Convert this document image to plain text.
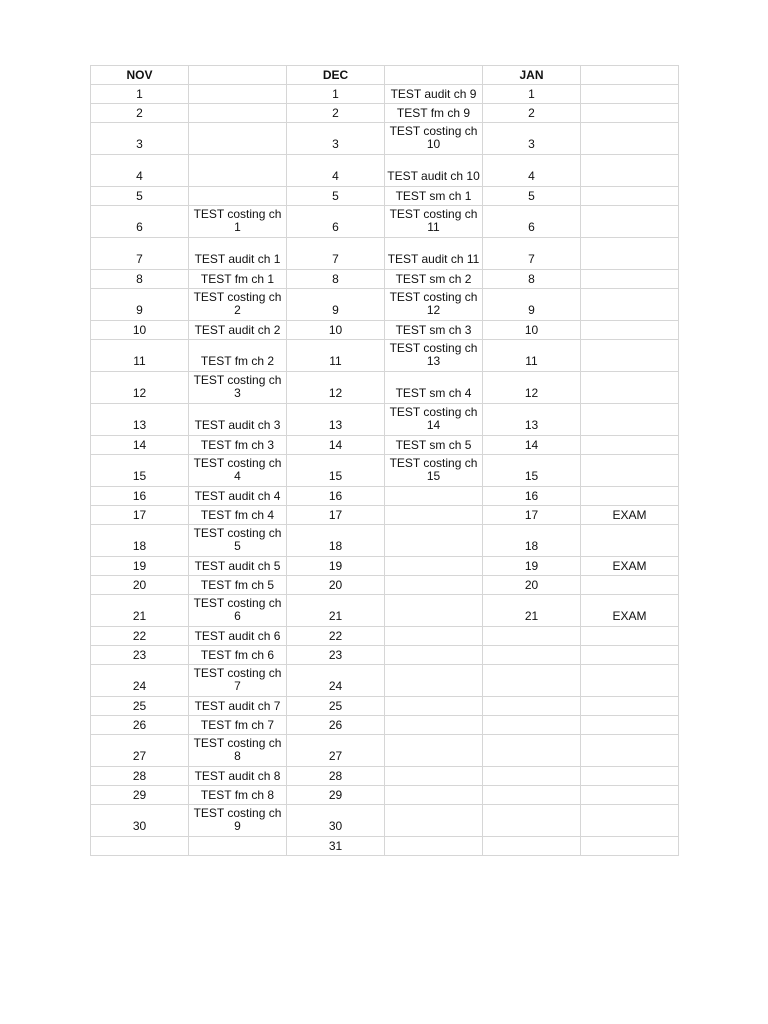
NOV		DEC		JAN	
1		1	TEST audit ch 9	1	
2		2	TEST fm ch 9	2	
3		3	TEST costing ch 10	3	
4		4	TEST audit ch 10	4	
5		5	TEST sm ch 1	5	
6	TEST costing ch 1	6	TEST costing ch 11	6	
7	TEST audit ch 1	7	TEST audit ch 11	7	
8	TEST fm ch 1	8	TEST sm ch 2	8	
9	TEST costing ch 2	9	TEST costing ch 12	9	
10	TEST audit ch 2	10	TEST sm ch 3	10	
11	TEST fm ch 2	11	TEST costing ch 13	11	
12	TEST costing ch 3	12	TEST sm ch 4	12	
13	TEST audit ch 3	13	TEST costing ch 14	13	
14	TEST fm ch 3	14	TEST sm ch 5	14	
15	TEST costing ch 4	15	TEST costing ch 15	15	
16	TEST audit ch 4	16		16	
17	TEST fm ch 4	17		17	EXAM
18	TEST costing ch 5	18		18	
19	TEST audit ch 5	19		19	EXAM
20	TEST fm ch 5	20		20	
21	TEST costing ch 6	21		21	EXAM
22	TEST audit ch 6	22			
23	TEST fm ch 6	23			
24	TEST costing ch 7	24			
25	TEST audit ch 7	25			
26	TEST fm ch 7	26			
27	TEST costing ch 8	27			
28	TEST audit ch 8	28			
29	TEST fm ch 8	29			
30	TEST costing ch 9	30			
		31			
